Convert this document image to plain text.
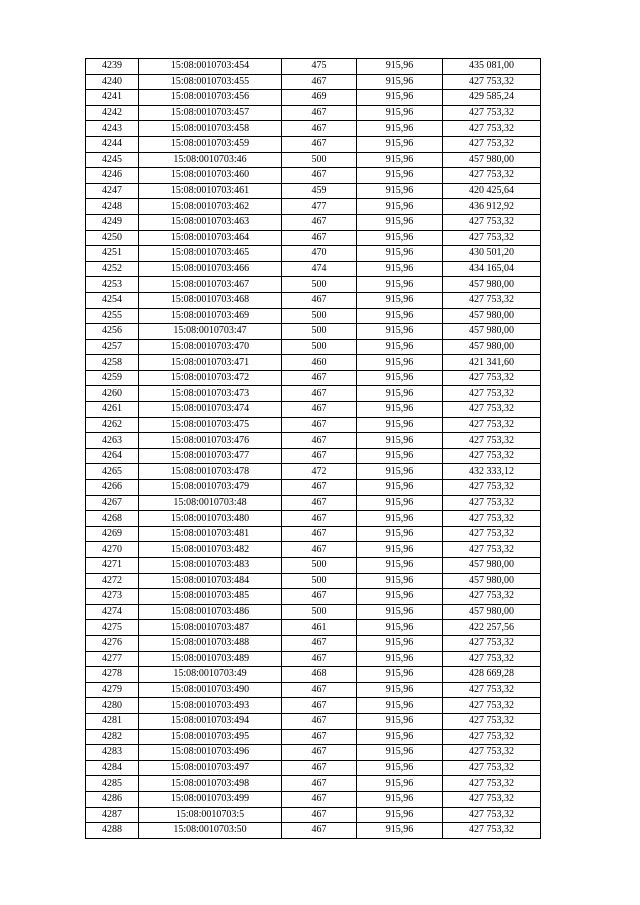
4239	15:08:0010703:454	475	915,96	435 081,00
4240	15:08:0010703:455	467	915,96	427 753,32
4241	15:08:0010703:456	469	915,96	429 585,24
4242	15:08:0010703:457	467	915,96	427 753,32
4243	15:08:0010703:458	467	915,96	427 753,32
4244	15:08:0010703:459	467	915,96	427 753,32
4245	15:08:0010703:46	500	915,96	457 980,00
4246	15:08:0010703:460	467	915,96	427 753,32
4247	15:08:0010703:461	459	915,96	420 425,64
4248	15:08:0010703:462	477	915,96	436 912,92
4249	15:08:0010703:463	467	915,96	427 753,32
4250	15:08:0010703:464	467	915,96	427 753,32
4251	15:08:0010703:465	470	915,96	430 501,20
4252	15:08:0010703:466	474	915,96	434 165,04
4253	15:08:0010703:467	500	915,96	457 980,00
4254	15:08:0010703:468	467	915,96	427 753,32
4255	15:08:0010703:469	500	915,96	457 980,00
4256	15:08:0010703:47	500	915,96	457 980,00
4257	15:08:0010703:470	500	915,96	457 980,00
4258	15:08:0010703:471	460	915,96	421 341,60
4259	15:08:0010703:472	467	915,96	427 753,32
4260	15:08:0010703:473	467	915,96	427 753,32
4261	15:08:0010703:474	467	915,96	427 753,32
4262	15:08:0010703:475	467	915,96	427 753,32
4263	15:08:0010703:476	467	915,96	427 753,32
4264	15:08:0010703:477	467	915,96	427 753,32
4265	15:08:0010703:478	472	915,96	432 333,12
4266	15:08:0010703:479	467	915,96	427 753,32
4267	15:08:0010703:48	467	915,96	427 753,32
4268	15:08:0010703:480	467	915,96	427 753,32
4269	15:08:0010703:481	467	915,96	427 753,32
4270	15:08:0010703:482	467	915,96	427 753,32
4271	15:08:0010703:483	500	915,96	457 980,00
4272	15:08:0010703:484	500	915,96	457 980,00
4273	15:08:0010703:485	467	915,96	427 753,32
4274	15:08:0010703:486	500	915,96	457 980,00
4275	15:08:0010703:487	461	915,96	422 257,56
4276	15:08:0010703:488	467	915,96	427 753,32
4277	15:08:0010703:489	467	915,96	427 753,32
4278	15:08:0010703:49	468	915,96	428 669,28
4279	15:08:0010703:490	467	915,96	427 753,32
4280	15:08:0010703:493	467	915,96	427 753,32
4281	15:08:0010703:494	467	915,96	427 753,32
4282	15:08:0010703:495	467	915,96	427 753,32
4283	15:08:0010703:496	467	915,96	427 753,32
4284	15:08:0010703:497	467	915,96	427 753,32
4285	15:08:0010703:498	467	915,96	427 753,32
4286	15:08:0010703:499	467	915,96	427 753,32
4287	15:08:0010703:5	467	915,96	427 753,32
4288	15:08:0010703:50	467	915,96	427 753,32
